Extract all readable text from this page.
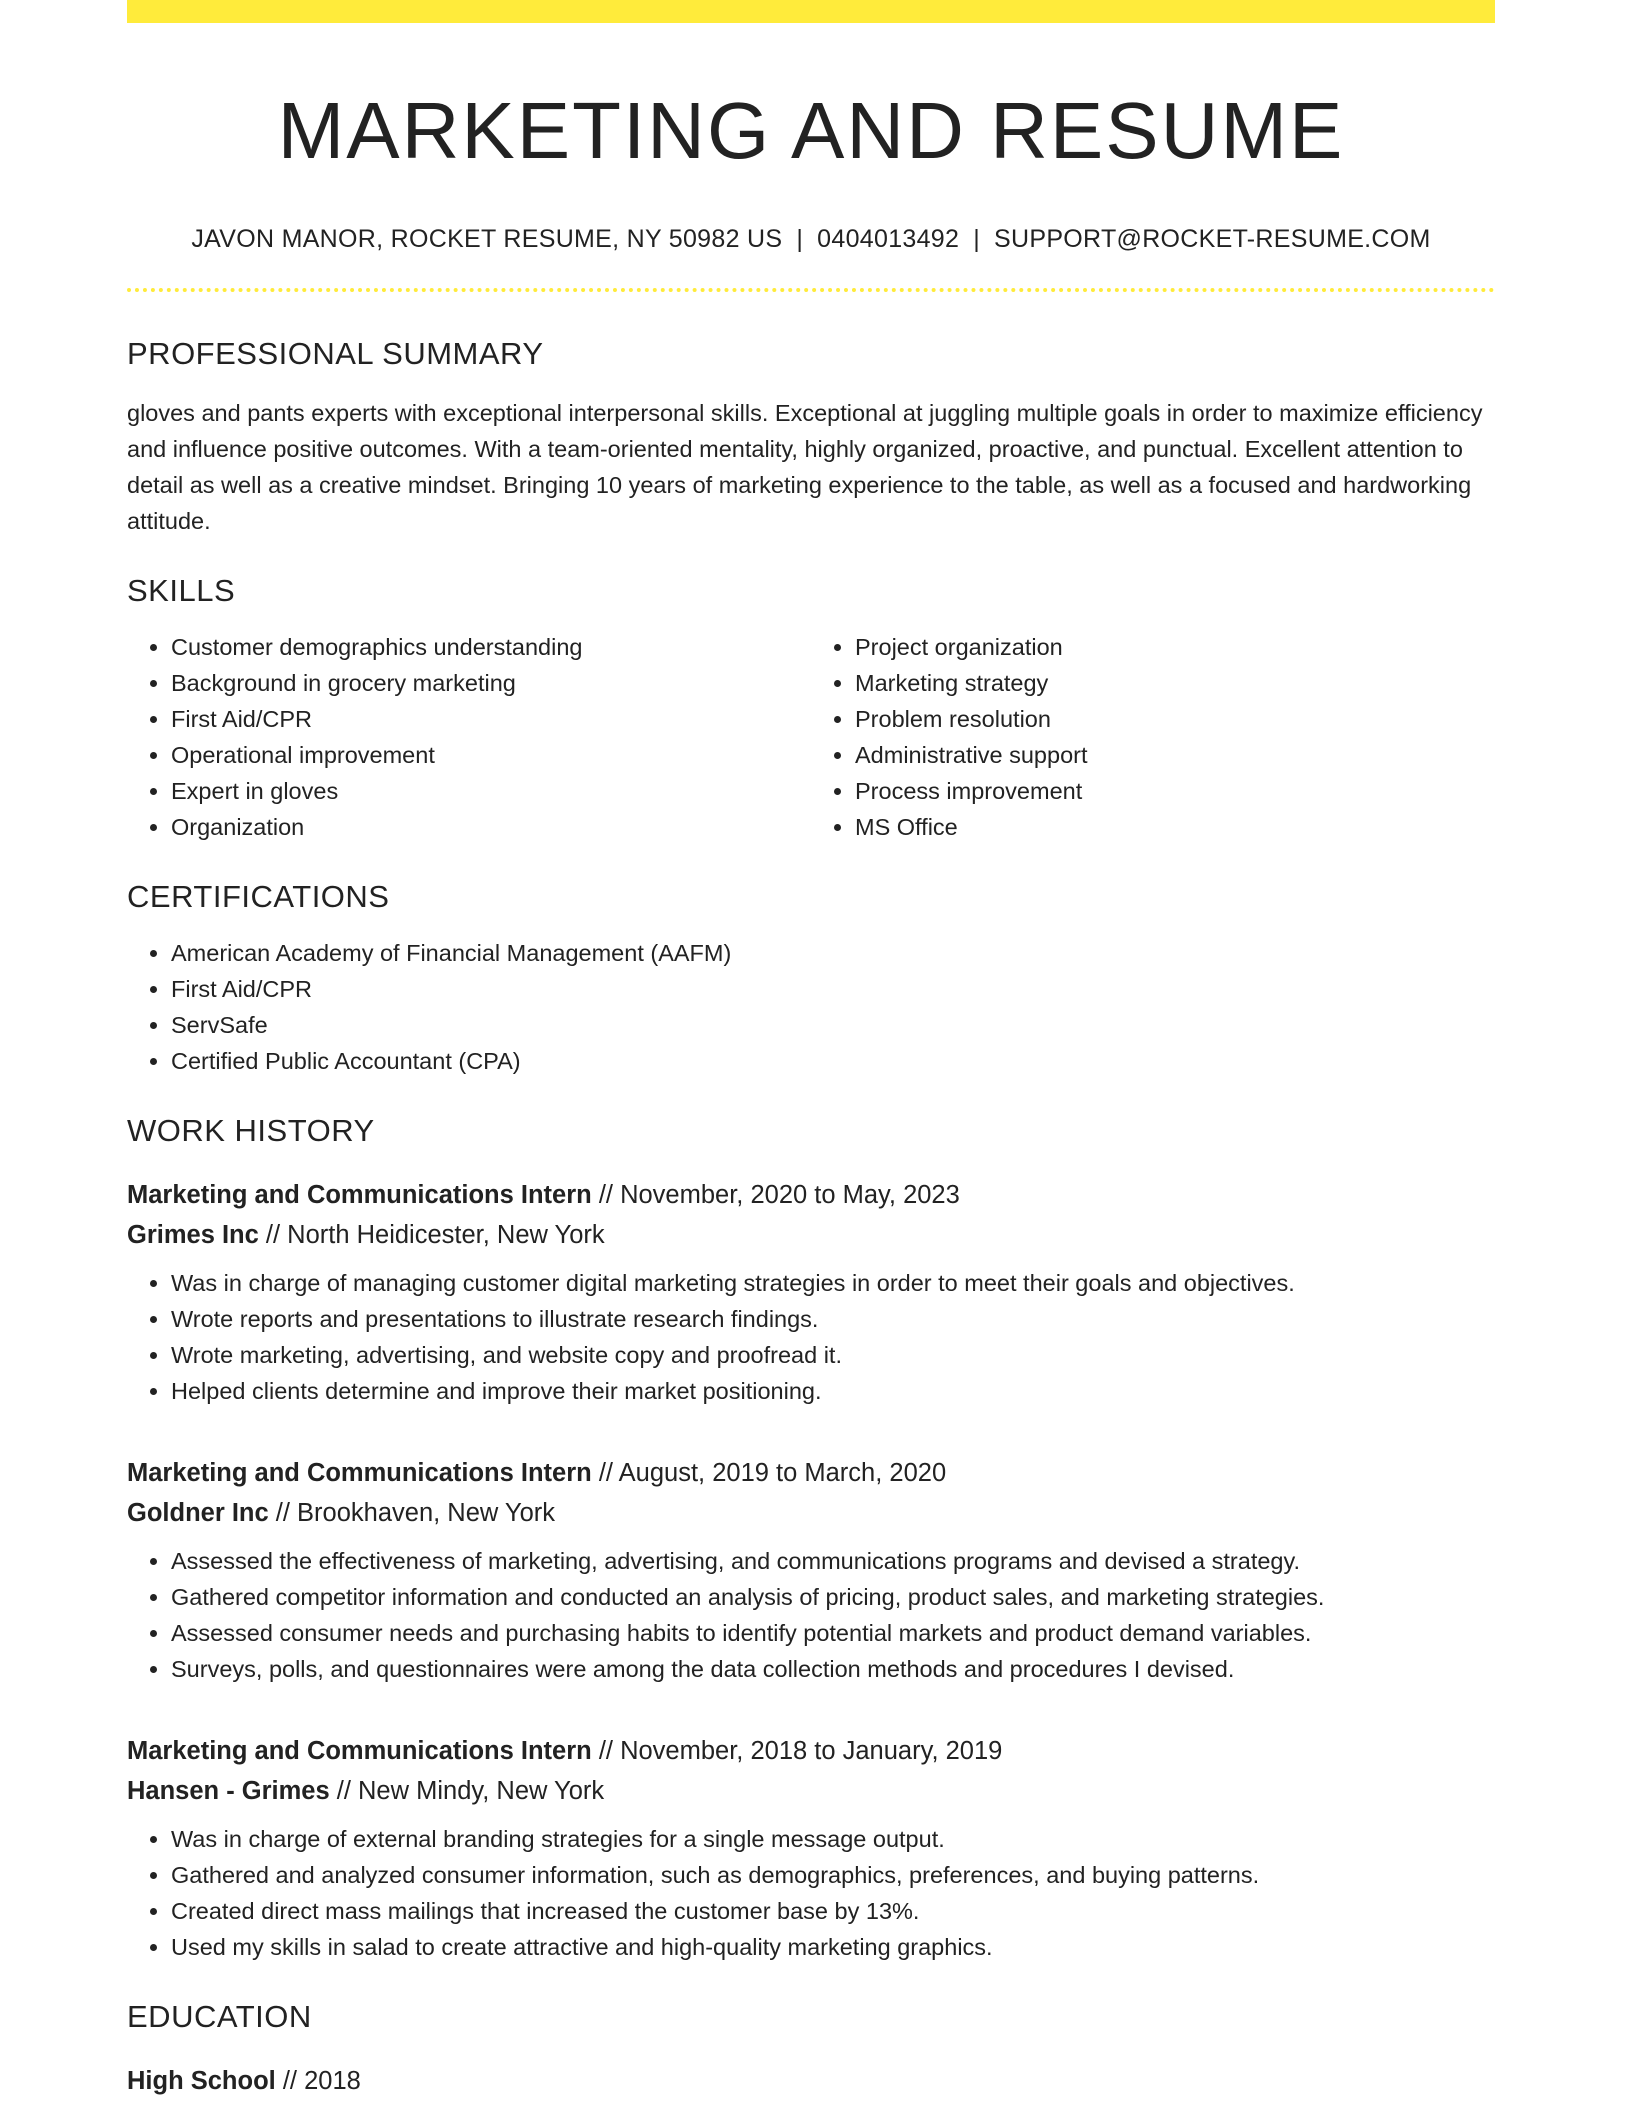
MARKETING AND RESUME
JAVON MANOR, ROCKET RESUME, NY 50982 US | 0404013492 | SUPPORT@ROCKET-RESUME.COM
PROFESSIONAL SUMMARY

gloves and pants experts with exceptional interpersonal skills. Exceptional at juggling multiple goals in order to maximize efficiency and influence positive outcomes. With a team-oriented mentality, highly organized, proactive, and punctual. Excellent attention to detail as well as a creative mindset. Bringing 10 years of marketing experience to the table, as well as a focused and hardworking attitude.

SKILLS
• Customer demographics understanding
• Background in grocery marketing
• First Aid/CPR
• Operational improvement
• Expert in gloves
• Organization
• Project organization
• Marketing strategy
• Problem resolution
• Administrative support
• Process improvement
• MS Office
CERTIFICATIONS
• American Academy of Financial Management (AAFM)
• First Aid/CPR
• ServSafe
• Certified Public Accountant (CPA)
WORK HISTORY
Marketing and Communications Intern // November, 2020 to May, 2023
Grimes Inc // North Heidicester, New York
• Was in charge of managing customer digital marketing strategies in order to meet their goals and objectives.
• Wrote reports and presentations to illustrate research findings.
• Wrote marketing, advertising, and website copy and proofread it.
• Helped clients determine and improve their market positioning.
Marketing and Communications Intern // August, 2019 to March, 2020
Goldner Inc // Brookhaven, New York
• Assessed the effectiveness of marketing, advertising, and communications programs and devised a strategy.
• Gathered competitor information and conducted an analysis of pricing, product sales, and marketing strategies.
• Assessed consumer needs and purchasing habits to identify potential markets and product demand variables.
• Surveys, polls, and questionnaires were among the data collection methods and procedures I devised.
Marketing and Communications Intern // November, 2018 to January, 2019
Hansen - Grimes // New Mindy, New York
• Was in charge of external branding strategies for a single message output.
• Gathered and analyzed consumer information, such as demographics, preferences, and buying patterns.
• Created direct mass mailings that increased the customer base by 13%.
• Used my skills in salad to create attractive and high-quality marketing graphics.
EDUCATION
High School // 2018
